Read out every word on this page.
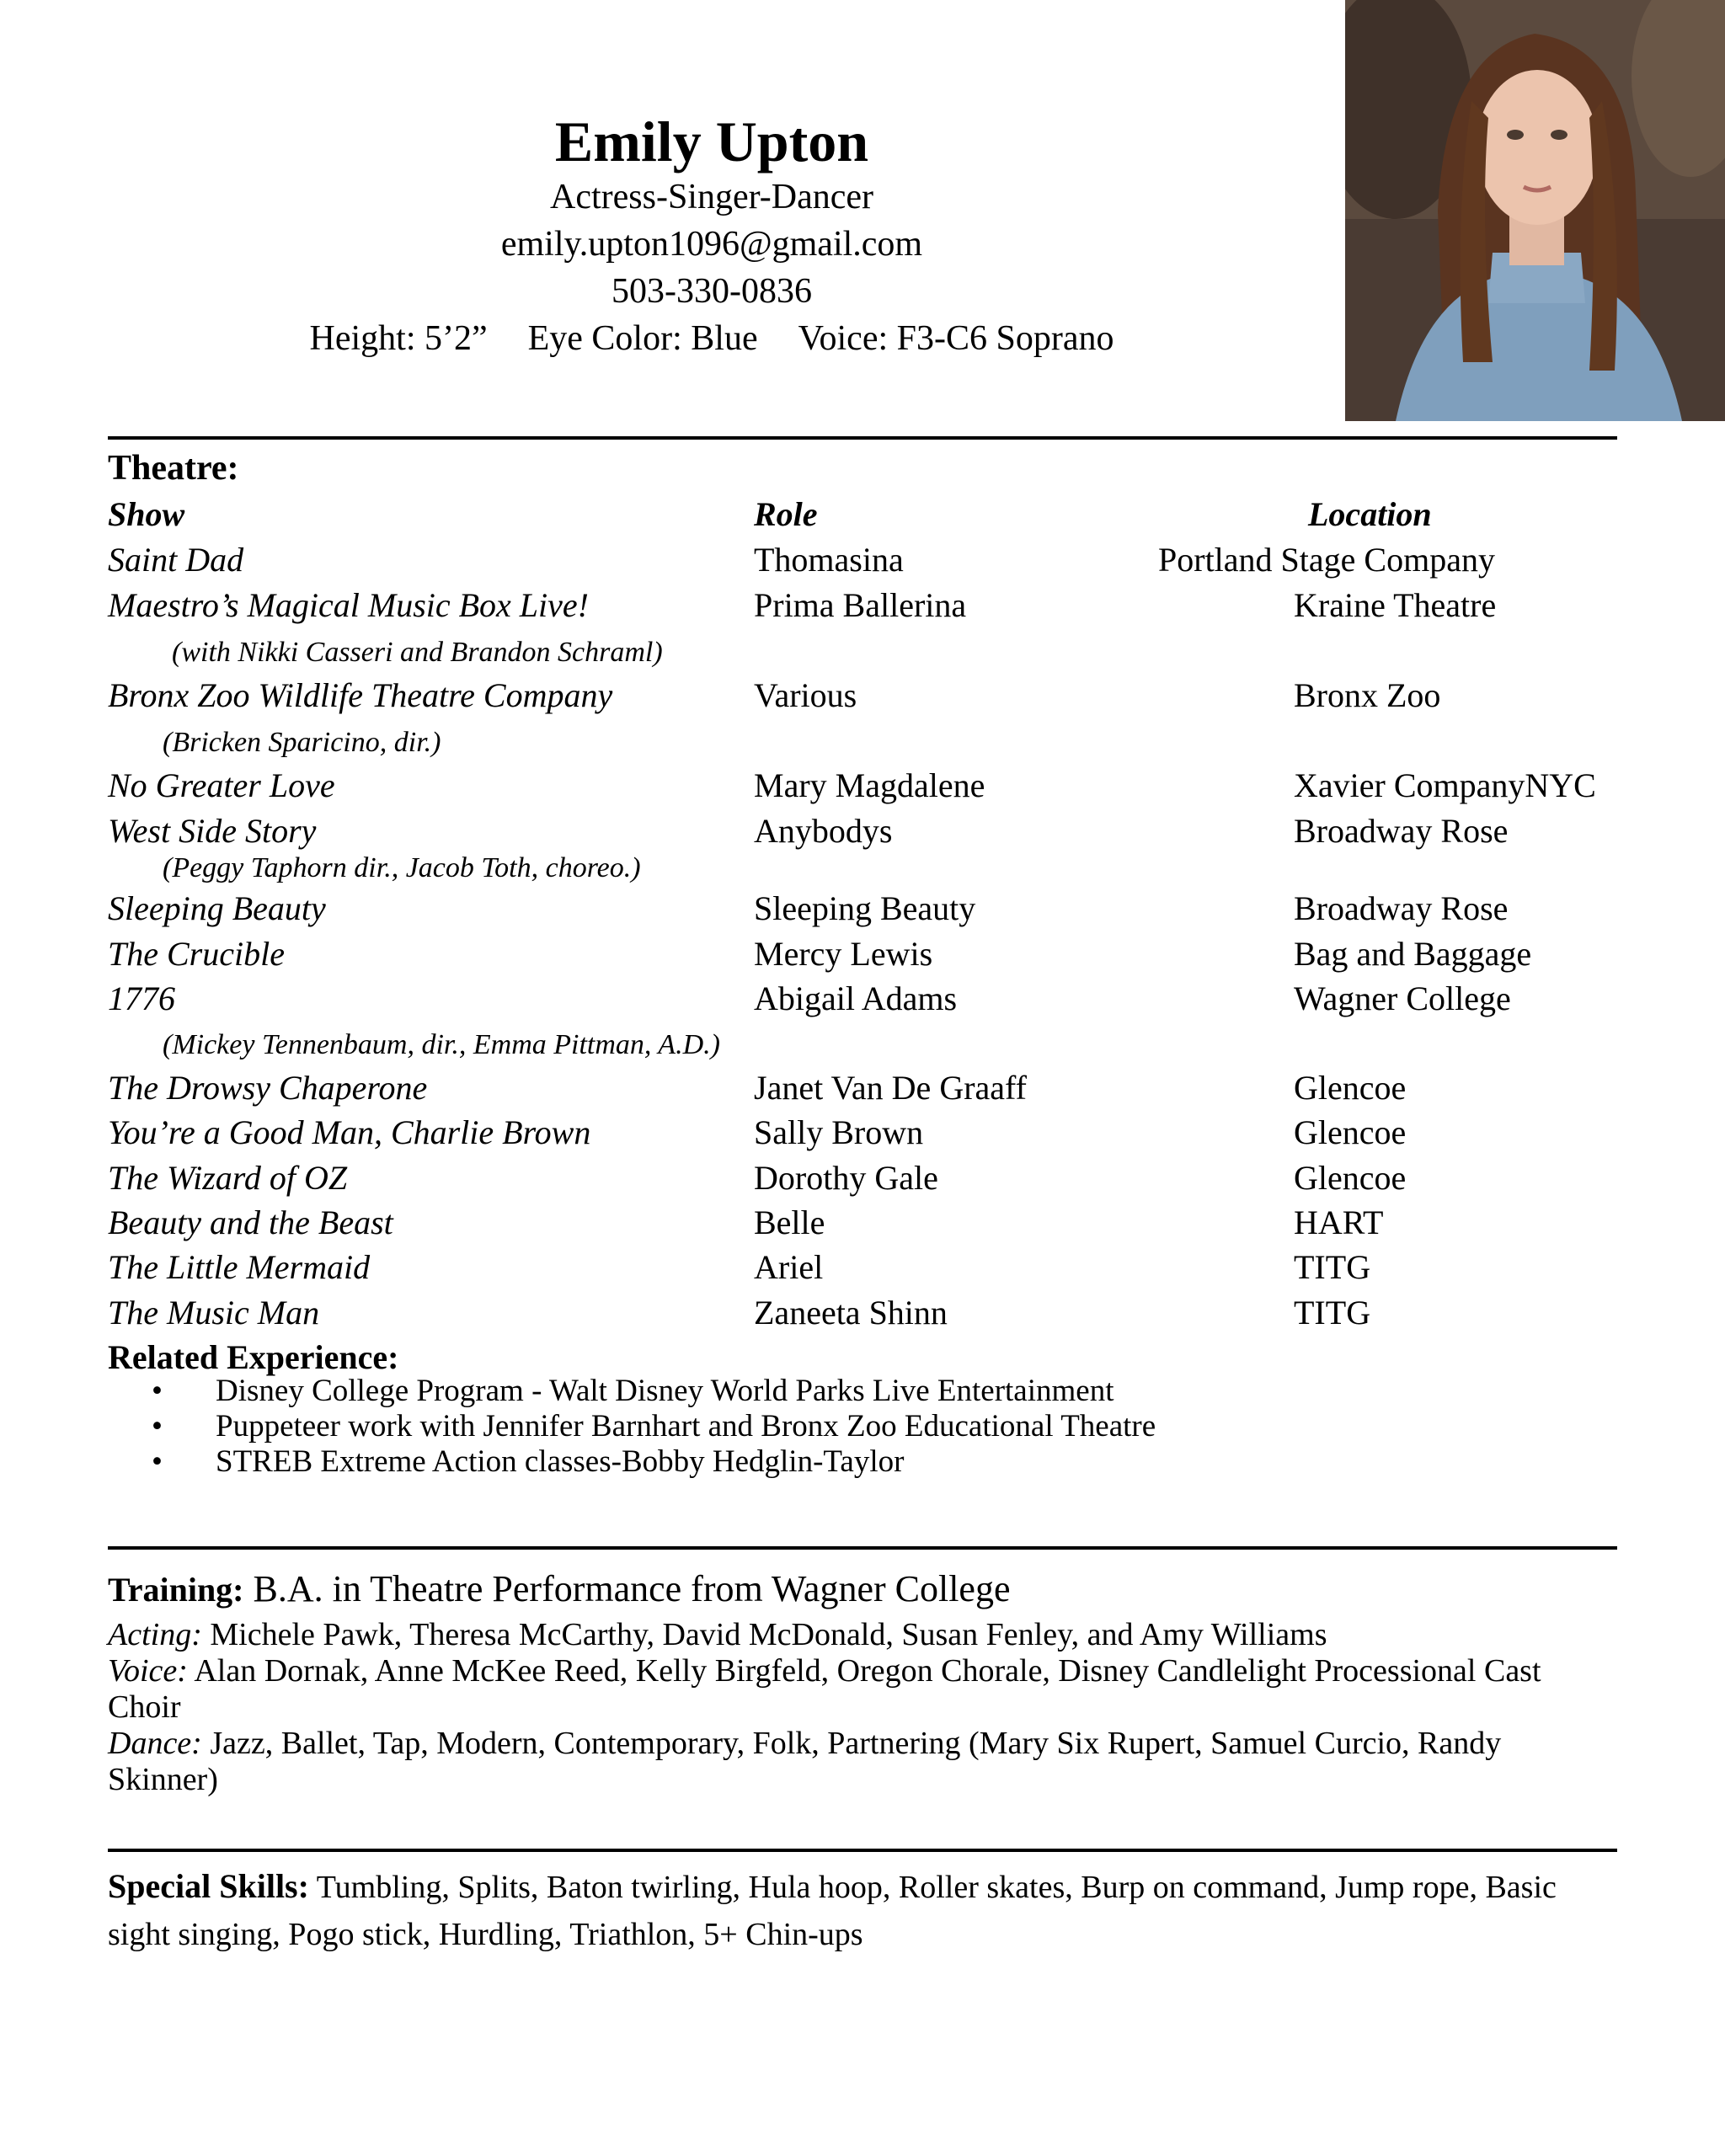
Emily Upton
Actress-Singer-Dancer
emily.upton1096@gmail.com
503-330-0836
Height: 5’2” Eye Color: Blue Voice: F3-C6 Soprano
Theatre:
Show	Role	Location
Saint Dad	Thomasina	Portland Stage Company
Maestro’s Magical Music Box Live!	Prima Ballerina	Kraine Theatre
(with Nikki Casseri and Brandon Schraml)
Bronx Zoo Wildlife Theatre Company	Various	Bronx Zoo
(Bricken Sparicino, dir.)
No Greater Love	Mary Magdalene	Xavier CompanyNYC
West Side Story	Anybodys	Broadway Rose
(Peggy Taphorn dir., Jacob Toth, choreo.)
Sleeping Beauty	Sleeping Beauty	Broadway Rose
The Crucible	Mercy Lewis	Bag and Baggage
1776	Abigail Adams	Wagner College
(Mickey Tennenbaum, dir., Emma Pittman, A.D.)
The Drowsy Chaperone	Janet Van De Graaff	Glencoe
You’re a Good Man, Charlie Brown	Sally Brown	Glencoe
The Wizard of OZ	Dorothy Gale	Glencoe
Beauty and the Beast	Belle	HART
The Little Mermaid	Ariel	TITG
The Music Man	Zaneeta Shinn	TITG
Related Experience:
• Disney College Program - Walt Disney World Parks Live Entertainment
• Puppeteer work with Jennifer Barnhart and Bronx Zoo Educational Theatre
• STREB Extreme Action classes-Bobby Hedglin-Taylor
Training: B.A. in Theatre Performance from Wagner College

Acting: Michele Pawk, Theresa McCarthy, David McDonald, Susan Fenley, and Amy Williams

Voice: Alan Dornak, Anne McKee Reed, Kelly Birgfeld, Oregon Chorale, Disney Candlelight Processional Cast Choir

Dance: Jazz, Ballet, Tap, Modern, Contemporary, Folk, Partnering (Mary Six Rupert, Samuel Curcio, Randy Skinner)

Special Skills: Tumbling, Splits, Baton twirling, Hula hoop, Roller skates, Burp on command, Jump rope, Basic sight singing, Pogo stick, Hurdling, Triathlon, 5+ Chin-ups
